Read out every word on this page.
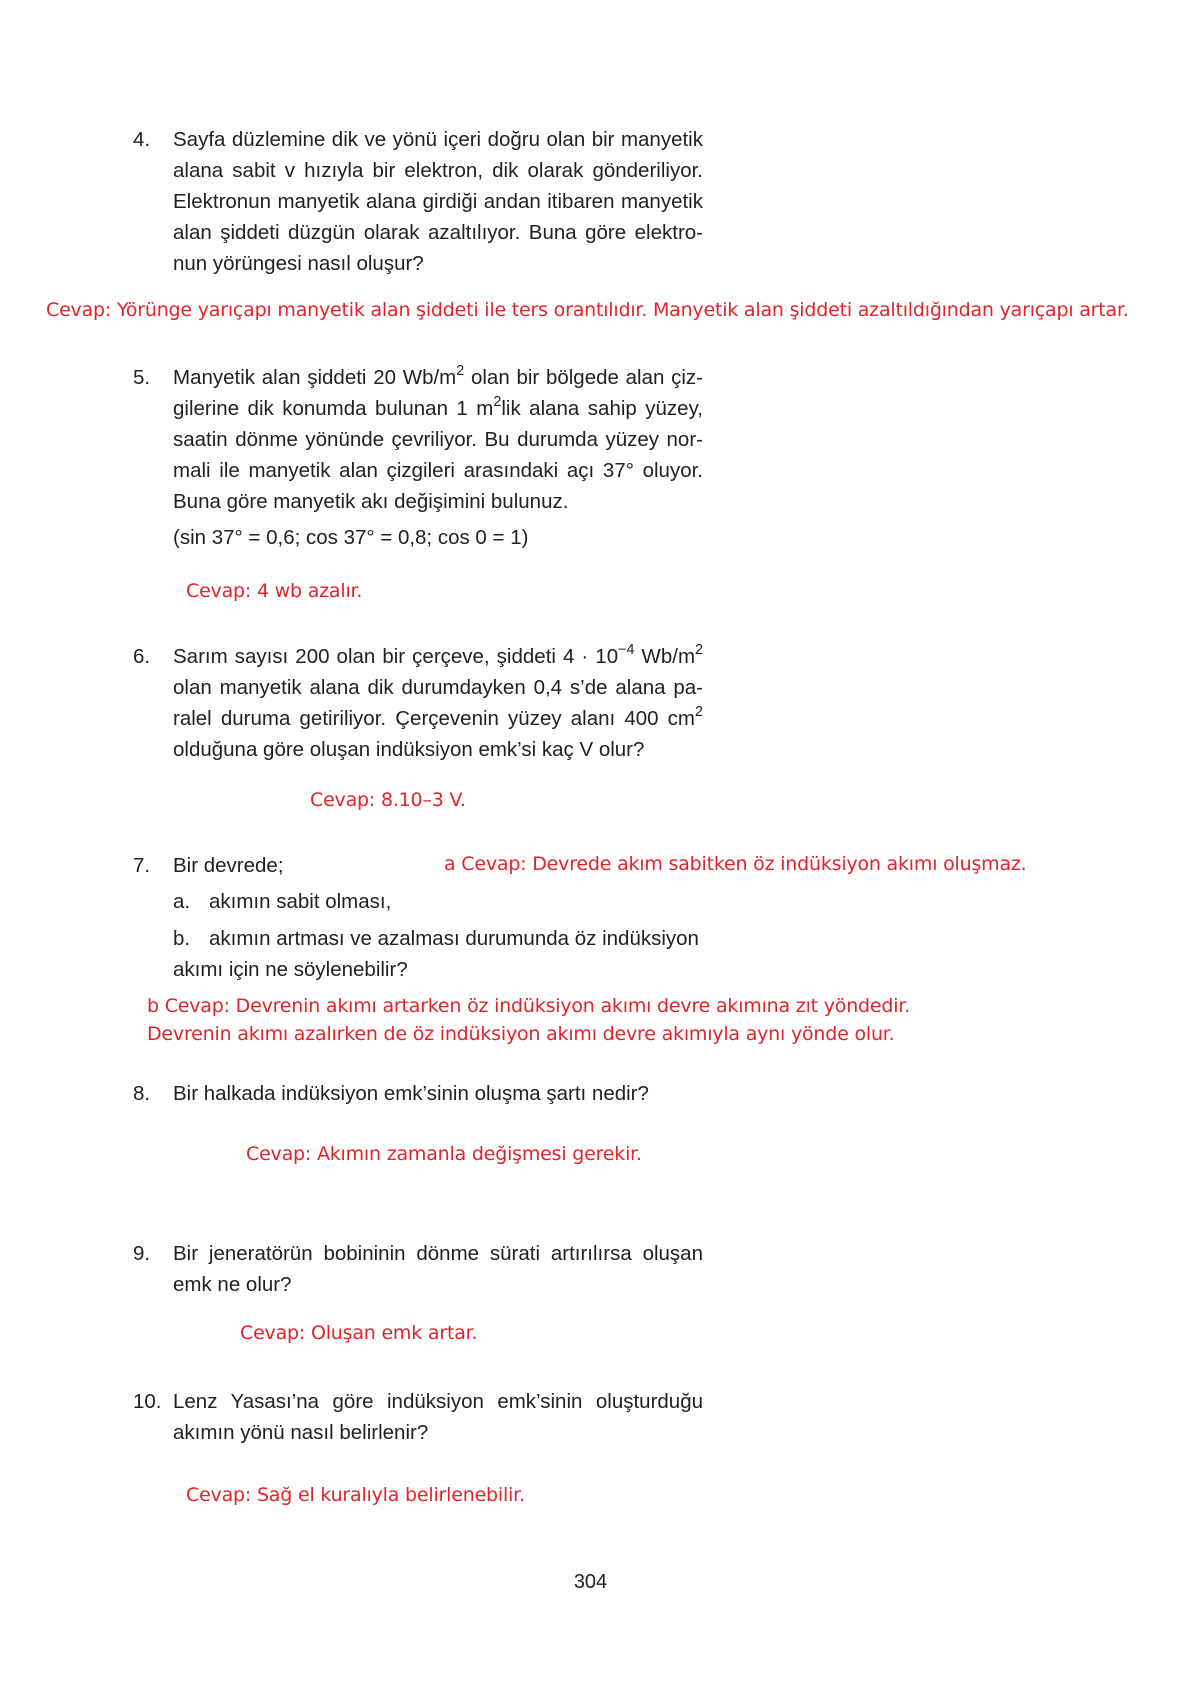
4.	Sayfa düzlemine dik ve yönü içeri doğru olan bir manyetik
alana sabit v hızıyla bir elektron, dik olarak gönderiliyor.
Elektronun manyetik alana girdiği andan itibaren manyetik
alan şiddeti düzgün olarak azaltılıyor. Buna göre elektro-
nun yörüngesi nasıl oluşur?
Cevap: Yörünge yarıçapı manyetik alan şiddeti ile ters orantılıdır. Manyetik alan şiddeti azaltıldığından yarıçapı artar.
5.	Manyetik alan şiddeti 20 $Wb/m^2$ olan bir bölgede alan çiz-
gilerine dik konumda bulunan 1 $m^2lik$ alana sahip yüzey,
saatin dönme yönünde çevriliyor. Bu durumda yüzey nor-
mali ile manyetik alan çizgileri arasındaki açı 37° oluyor.
Buna göre manyetik akı değişimini bulunuz.
(sin 37° = 0,6; cos 37° = 0,8; cos 0 = 1)
Cevap: 4 wb azalır.
6.	Sarım sayısı 200 olan bir çerçeve, şiddeti $4 \cdot 10^{-4}$ $Wb/m^2$
olan manyetik alana dik durumdayken 0,4 s’de alana pa-
ralel duruma getiriliyor. Çerçevenin yüzey alanı 400 $cm^2$
olduğuna göre oluşan indüksiyon emk’si kaç V olur?
Cevap: 8.10–3 V.
7.	Bir devrede;
a. akımın sabit olması,
b. akımın artması ve azalması durumunda öz indüksiyon
akımı için ne söylenebilir?
a Cevap: Devrede akım sabitken öz indüksiyon akımı oluşmaz.
b Cevap: Devrenin akımı artarken öz indüksiyon akımı devre akımına zıt yöndedir.
Devrenin akımı azalırken de öz indüksiyon akımı devre akımıyla aynı yönde olur.
8.	Bir halkada indüksiyon emk’sinin oluşma şartı nedir?
Cevap: Akımın zamanla değişmesi gerekir.
9.	Bir jeneratörün bobininin dönme sürati artırılırsa oluşan
emk ne olur?
Cevap: Oluşan emk artar.
10. Lenz Yasası’na göre indüksiyon emk’sinin oluşturduğu
akımın yönü nasıl belirlenir?
Cevap: Sağ el kuralıyla belirlenebilir.
304
